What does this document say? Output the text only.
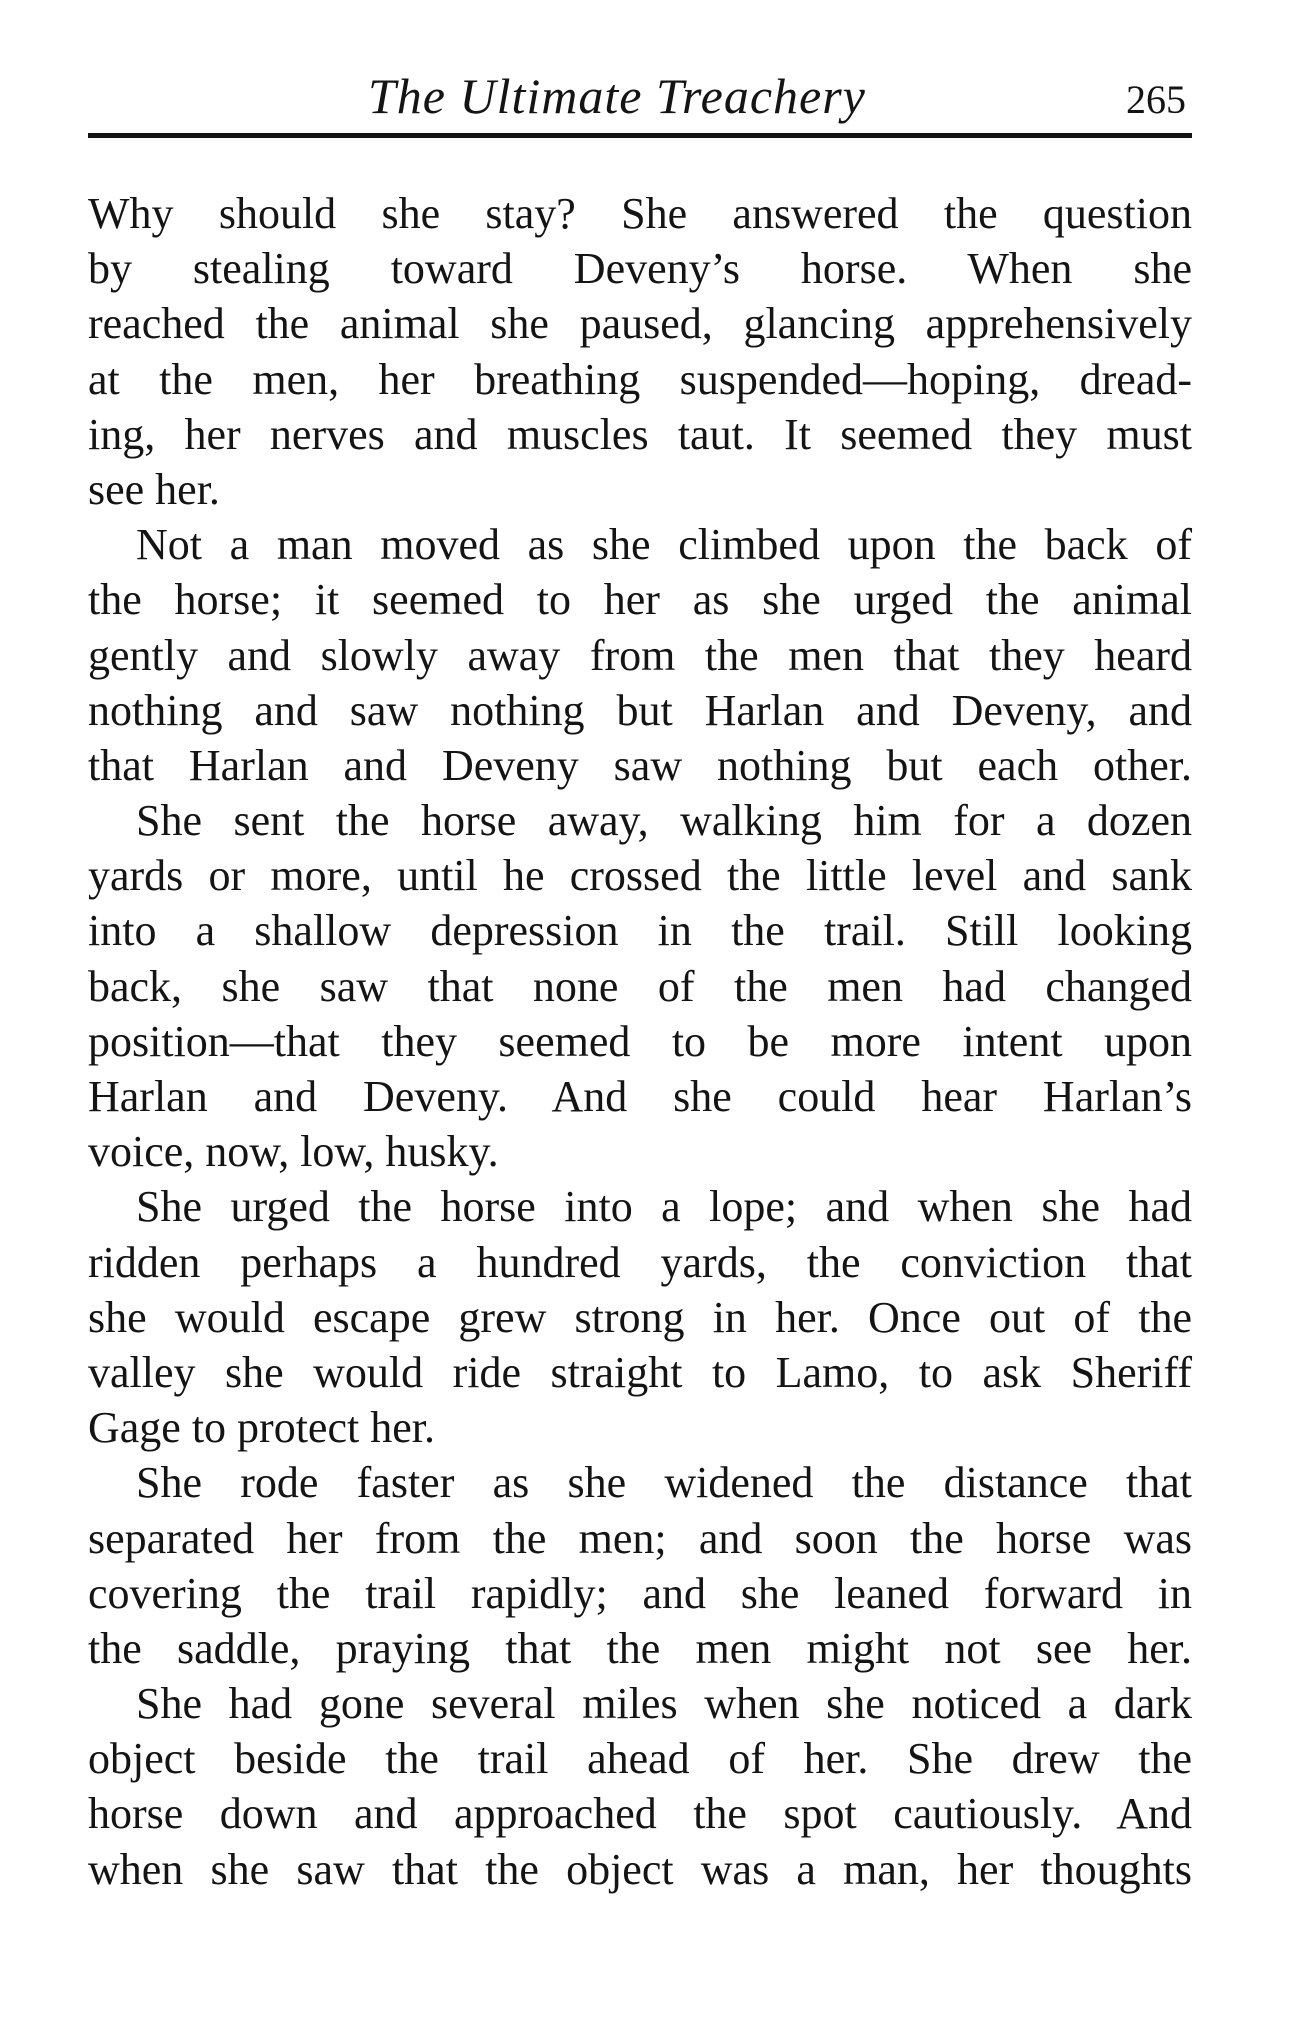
The Ultimate Treachery	265
Why should she stay? She answered the question
by stealing toward Deveny’s horse. When she
reached the animal she paused, glancing apprehensively
at the men, her breathing suspended—hoping, dread-
ing, her nerves and muscles taut. It seemed they must
see her.
Not a man moved as she climbed upon the back of
the horse; it seemed to her as she urged the animal
gently and slowly away from the men that they heard
nothing and saw nothing but Harlan and Deveny, and
that Harlan and Deveny saw nothing but each other.
She sent the horse away, walking him for a dozen
yards or more, until he crossed the little level and sank
into a shallow depression in the trail. Still looking
back, she saw that none of the men had changed
position—that they seemed to be more intent upon
Harlan and Deveny. And she could hear Harlan’s
voice, now, low, husky.
She urged the horse into a lope; and when she had
ridden perhaps a hundred yards, the conviction that
she would escape grew strong in her. Once out of the
valley she would ride straight to Lamo, to ask Sheriff
Gage to protect her.
She rode faster as she widened the distance that
separated her from the men; and soon the horse was
covering the trail rapidly; and she leaned forward in
the saddle, praying that the men might not see her.
She had gone several miles when she noticed a dark
object beside the trail ahead of her. She drew the
horse down and approached the spot cautiously. And
when she saw that the object was a man, her thoughts
